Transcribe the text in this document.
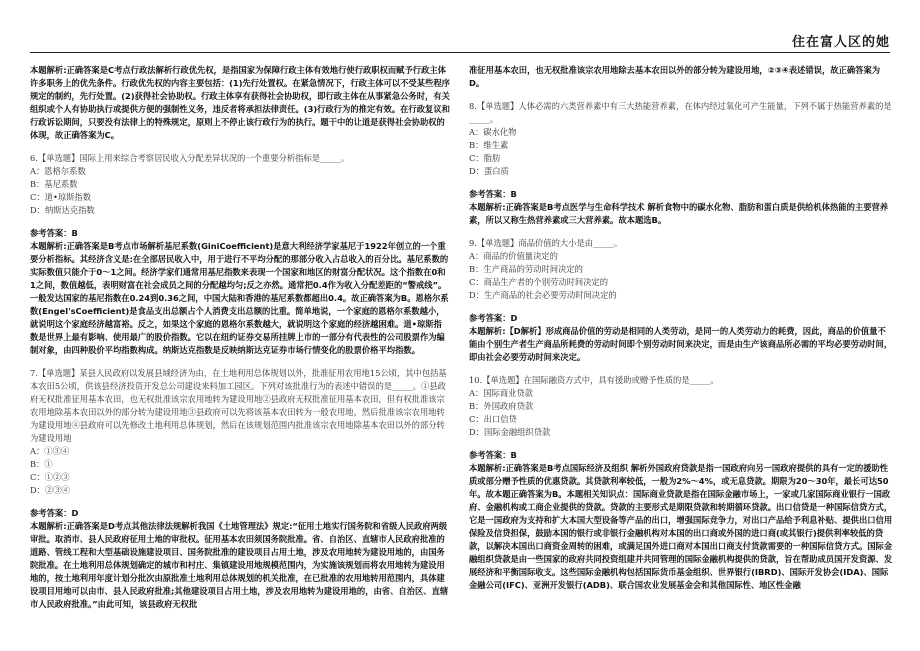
住在富人区的她

本题解析:正确答案是C考点行政法解析行政优先权，是指国家为保障行政主体有效地行使行政职权而赋予行政主体许多职务上的优先条件。行政优先权的内容主要包括：(1)先行处置权。在紧急情况下，行政主体可以不受某些程序规定的制约，先行处置。(2)获得社会协助权。行政主体享有获得社会协助权，即行政主体在从事紧急公务时，有关组织或个人有协助执行或提供方便的强制性义务，违反者将承担法律责任。(3)行政行为的推定有效。在行政复议和行政诉讼期间，只要没有法律上的特殊规定，原则上不停止该行政行为的执行。题干中的让道是获得社会协助权的体现，故正确答案为C。

6.【单选题】国际上用来综合考察居民收入分配差异状况的一个重要分析指标是_____。

A：恩格尔系数

B：基尼系数

C：道•琼斯指数

D：纳斯达克指数

参考答案：B

本题解析:正确答案是B考点市场解析基尼系数(GiniCoefficient)是意大利经济学家基尼于1922年创立的一个重要分析指标。其经济含义是:在全部居民收入中，用于进行不平均分配的那部分收入占总收入的百分比。基尼系数的实际数值只能介于0～1之间。经济学家们通常用基尼指数来表现一个国家和地区的财富分配状况。这个指数在0和1之间，数值越低，表明财富在社会成员之间的分配越均匀;反之亦然。通常把0.4作为收入分配差距的“警戒线”。一般发达国家的基尼指数在0.24到0.36之间，中国大陆和香港的基尼系数都超出0.4。故正确答案为B。恩格尔系数(Engel'sCoefficient)是食品支出总额占个人消费支出总额的比重。简单地说，一个家庭的恩格尔系数越小，就说明这个家庭经济越富裕。反之，如果这个家庭的恩格尔系数越大，就说明这个家庭的经济越困难。道•琼斯指数是世界上最有影响、使用最广的股价指数。它以在纽约证券交易所挂牌上市的一部分有代表性的公司股票作为编制对象，由四种股价平均指数构成。纳斯达克指数是反映纳斯达克证券市场行情变化的股票价格平均指数。

7.【单选题】某县人民政府以发展县域经济为由，在土地利用总体规划以外，批准征用农用地15公顷，其中包括基本农田5公顷，供该县经济投资开发总公司建设来料加工园区。下列对该批准行为的表述中错误的是_____。①县政府无权批准征用基本农田，也无权批准该宗农用地转为建设用地②县政府无权批准征用基本农田，但有权批准该宗农用地除基本农田以外的部分转为建设用地③县政府可以先将该基本农田转为一般农用地，然后批准该宗农用地转为建设用地④县政府可以先修改土地利用总体规划，然后在该规划范围内批准该宗农用地除基本农田以外的部分转为建设用地

A：①③④

B：①

C：①②③

D：②③④

参考答案：D

本题解析:正确答案是D考点其他法律法规解析我国《土地管理法》规定:“征用土地实行国务院和省级人民政府两级审批。取消市、县人民政府征用土地的审批权。征用基本农田须国务院批准。省、自治区、直辖市人民政府批准的道路、管线工程和大型基础设施建设项目、国务院批准的建设项目占用土地，涉及农用地转为建设用地的，由国务院批准。在土地利用总体规划确定的城市和村庄、集镇建设用地规模范围内，为实施该规划而将农用地转为建设用地的，按土地利用年度计划分批次由原批准土地利用总体规划的机关批准，在已批准的农用地转用范围内，具体建设项目用地可以由市、县人民政府批准;其他建设项目占用土地，涉及农用地转为建设用地的，由省、自治区、直辖市人民政府批准。”由此可知，该县政府无权批

准征用基本农田，也无权批准该宗农用地除去基本农田以外的部分转为建设用地，②③④表述错误，故正确答案为D。

8.【单选题】人体必需的六类营养素中有三大热能营养素，在体内经过氧化可产生能量，下列不属于热能营养素的是_____。

A：碳水化物

B：维生素

C：脂肪

D：蛋白质

参考答案：B

本题解析:正确答案是B考点医学与生命科学技术 解析食物中的碳水化物、脂肪和蛋白质是供给机体热能的主要营养素，所以又称生热营养素或三大营养素。故本题选B。

9.【单选题】商品价值的大小是由_____。

A：商品的价值量决定的

B：生产商品的劳动时间决定的

C：商品生产者的个别劳动时间决定的

D：生产商品的社会必要劳动时间决定的

参考答案：D

本题解析:【D解析】形成商品价值的劳动是相同的人类劳动，是同一的人类劳动力的耗费，因此，商品的价值量不能由个别生产者生产商品所耗费的劳动时间即个别劳动时间来决定，而是由生产该商品所必需的平均必要劳动时间，即由社会必要劳动时间来决定。

10.【单选题】在国际融资方式中，具有援助或赠予性质的是_____。

A：国际商业贷款

B：外国政府贷款

C：出口信贷

D：国际金融组织贷款

参考答案：B

本题解析:正确答案是B考点国际经济及组织 解析外国政府贷款是指一国政府向另一国政府提供的具有一定的援助性质或部分赠予性质的优惠贷款。其贷款利率较低，一般为2%～4%，或无息贷款。期限为20～30年，最长可达50年。故本题正确答案为B。本题相关知识点：国际商业贷款是指在国际金融市场上，一家或几家国际商业银行一国政府、金融机构或工商企业提供的贷款。贷款的主要形式是期限贷款和转期循环贷款。出口信贷是一种国际信贷方式，它是一国政府为支持和扩大本国大型设备等产品的出口，增强国际竞争力，对出口产品给予利息补贴、提供出口信用保险及信贷担保，鼓励本国的银行或非银行金融机构对本国的出口商或外国的进口商(或其银行)提供利率较低的贷款，以解决本国出口商资金周转的困难，或满足国外进口商对本国出口商支付货款需要的一种国际信贷方式。国际金融组织贷款是由一些国家的政府共同投资组建并共同管理的国际金融机构提供的贷款，旨在帮助成员国开发资源、发展经济和平衡国际收支。这些国际金融机构包括国际货币基金组织、世界银行(IBRD)、国际开发协会(IDA)、国际金融公司(IFC)、亚洲开发银行(ADB)、联合国农业发展基金会和其他国际性、地区性金融
